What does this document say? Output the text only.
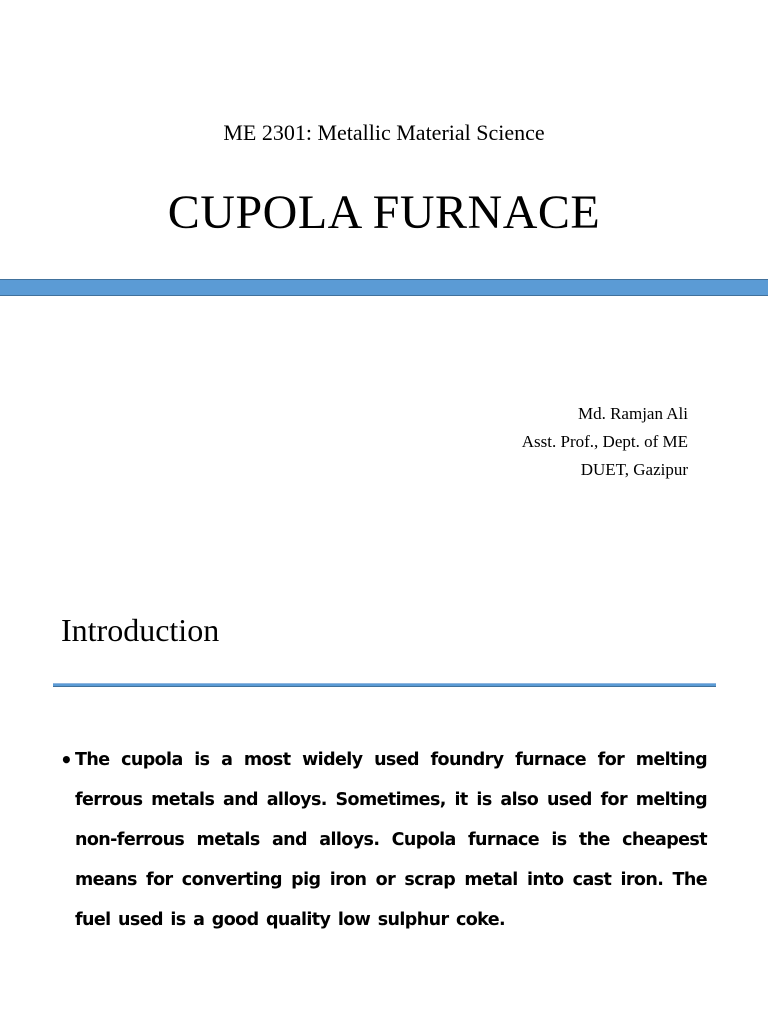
ME 2301: Metallic Material Science
CUPOLA FURNACE
Md. Ramjan Ali
Asst. Prof., Dept. of ME
DUET, Gazipur
Introduction
• The cupola is a most widely used foundry furnace for melting ferrous metals and alloys. Sometimes, it is also used for melting non-ferrous metals and alloys. Cupola furnace is the cheapest means for converting pig iron or scrap metal into cast iron. The fuel used is a good quality low sulphur coke.
